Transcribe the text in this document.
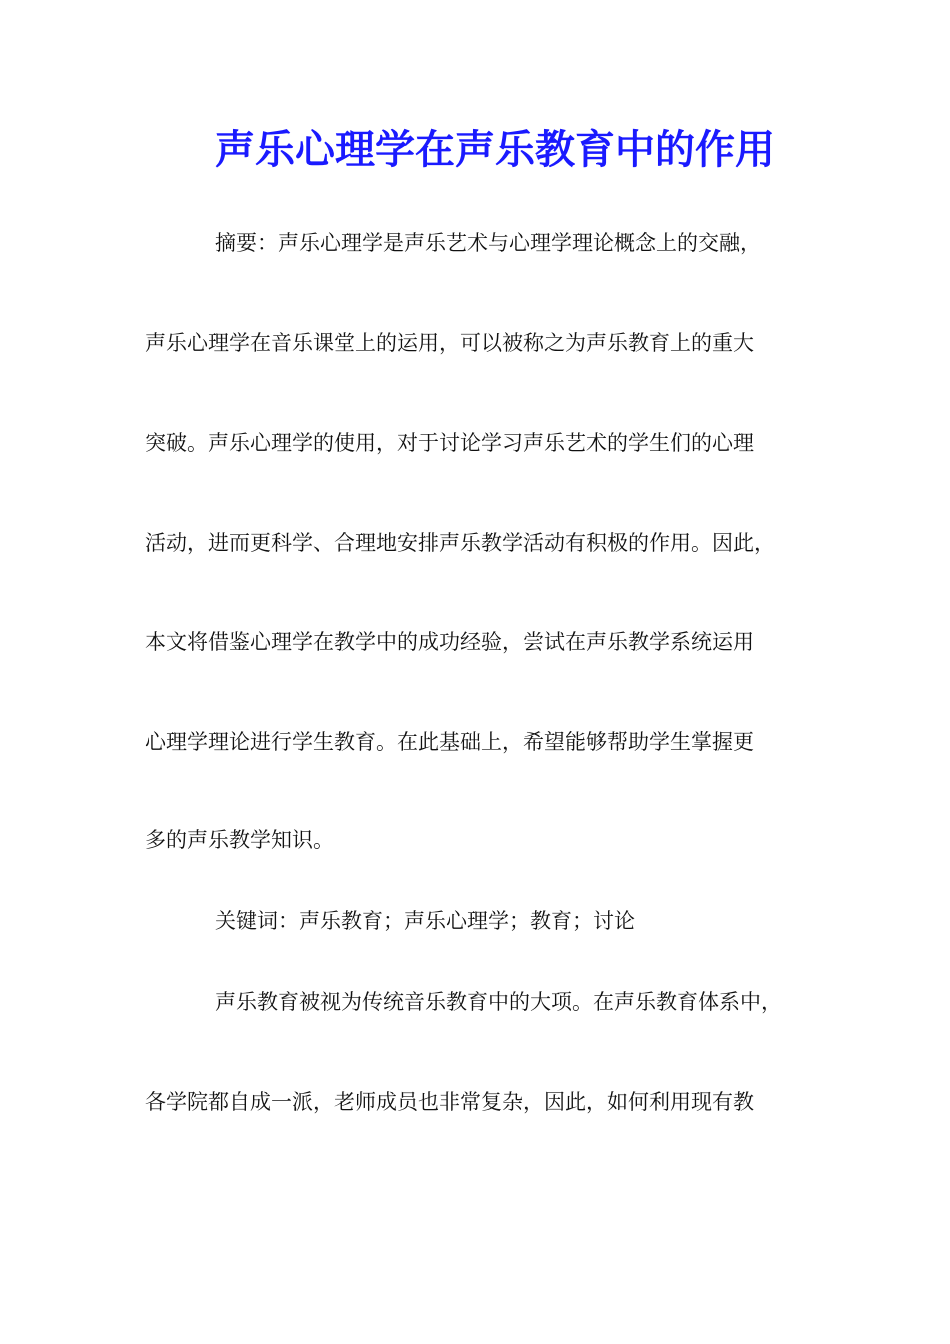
声乐心理学在声乐教育中的作用
摘要：声乐心理学是声乐艺术与心理学理论概念上的交融，
声乐心理学在音乐课堂上的运用，可以被称之为声乐教育上的重大
突破。声乐心理学的使用，对于讨论学习声乐艺术的学生们的心理
活动，进而更科学、合理地安排声乐教学活动有积极的作用。因此，
本文将借鉴心理学在教学中的成功经验，尝试在声乐教学系统运用
心理学理论进行学生教育。在此基础上，希望能够帮助学生掌握更
多的声乐教学知识。
关键词：声乐教育；声乐心理学；教育；讨论
声乐教育被视为传统音乐教育中的大项。在声乐教育体系中，
各学院都自成一派，老师成员也非常复杂，因此，如何利用现有教
